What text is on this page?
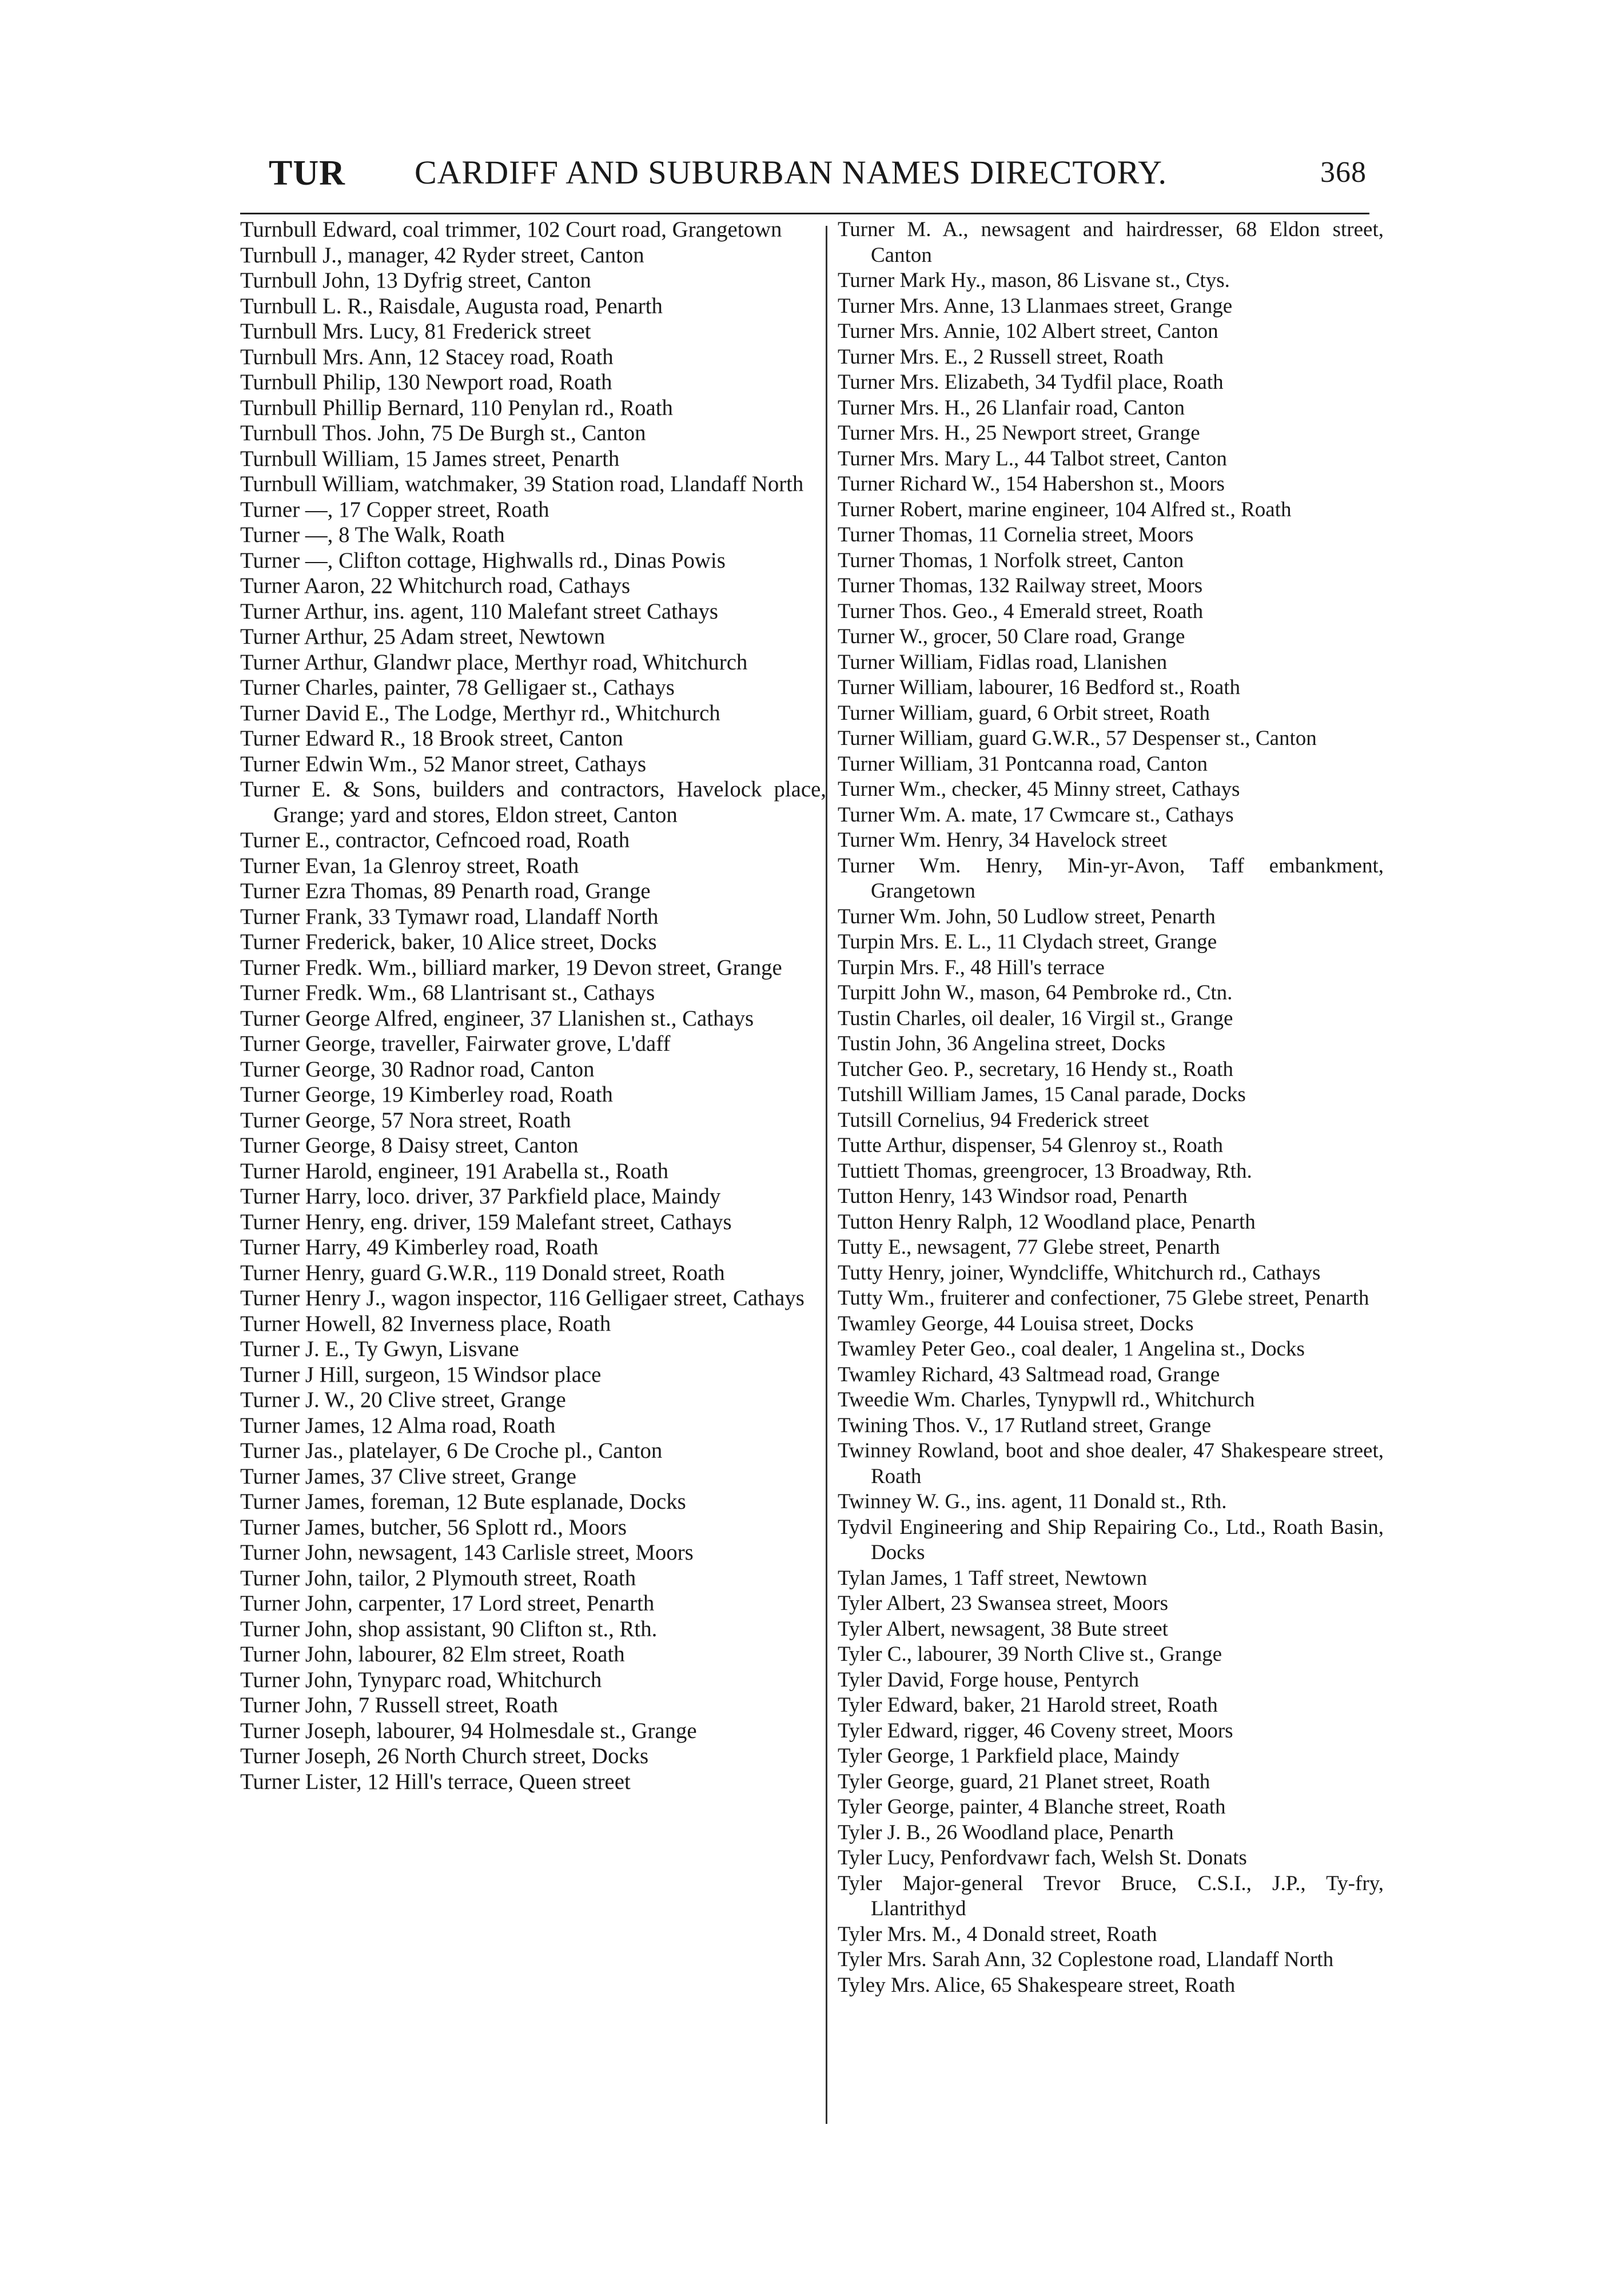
TUR CARDIFF AND SUBURBAN NAMES DIRECTORY.	368
Turnbull Edward, coal trimmer, 102 Court road, Grangetown
Turnbull J., manager, 42 Ryder street, Canton
Turnbull John, 13 Dyfrig street, Canton
Turnbull L. R., Raisdale, Augusta road, Penarth
Turnbull Mrs. Lucy, 81 Frederick street
Turnbull Mrs. Ann, 12 Stacey road, Roath
Turnbull Philip, 130 Newport road, Roath
Turnbull Phillip Bernard, 110 Penylan rd., Roath
Turnbull Thos. John, 75 De Burgh st., Canton
Turnbull William, 15 James street, Penarth
Turnbull William, watchmaker, 39 Station road, Llandaff North
Turner —, 17 Copper street, Roath
Turner —, 8 The Walk, Roath
Turner —, Clifton cottage, Highwalls rd., Dinas Powis
Turner Aaron, 22 Whitchurch road, Cathays
Turner Arthur, ins. agent, 110 Malefant street Cathays
Turner Arthur, 25 Adam street, Newtown
Turner Arthur, Glandwr place, Merthyr road, Whitchurch
Turner Charles, painter, 78 Gelligaer st., Cathays
Turner David E., The Lodge, Merthyr rd., Whitchurch
Turner Edward R., 18 Brook street, Canton
Turner Edwin Wm., 52 Manor street, Cathays
Turner E. & Sons, builders and contractors, Havelock place, Grange; yard and stores, Eldon street, Canton
Turner E., contractor, Cefncoed road, Roath
Turner Evan, 1a Glenroy street, Roath
Turner Ezra Thomas, 89 Penarth road, Grange
Turner Frank, 33 Tymawr road, Llandaff North
Turner Frederick, baker, 10 Alice street, Docks
Turner Fredk. Wm., billiard marker, 19 Devon street, Grange
Turner Fredk. Wm., 68 Llantrisant st., Cathays
Turner George Alfred, engineer, 37 Llanishen st., Cathays
Turner George, traveller, Fairwater grove, L'daff
Turner George, 30 Radnor road, Canton
Turner George, 19 Kimberley road, Roath
Turner George, 57 Nora street, Roath
Turner George, 8 Daisy street, Canton
Turner Harold, engineer, 191 Arabella st., Roath
Turner Harry, loco. driver, 37 Parkfield place, Maindy
Turner Henry, eng. driver, 159 Malefant street, Cathays
Turner Harry, 49 Kimberley road, Roath
Turner Henry, guard G.W.R., 119 Donald street, Roath
Turner Henry J., wagon inspector, 116 Gelligaer street, Cathays
Turner Howell, 82 Inverness place, Roath
Turner J. E., Ty Gwyn, Lisvane
Turner J Hill, surgeon, 15 Windsor place
Turner J. W., 20 Clive street, Grange
Turner James, 12 Alma road, Roath
Turner Jas., platelayer, 6 De Croche pl., Canton
Turner James, 37 Clive street, Grange
Turner James, foreman, 12 Bute esplanade, Docks
Turner James, butcher, 56 Splott rd., Moors
Turner John, newsagent, 143 Carlisle street, Moors
Turner John, tailor, 2 Plymouth street, Roath
Turner John, carpenter, 17 Lord street, Penarth
Turner John, shop assistant, 90 Clifton st., Rth.
Turner John, labourer, 82 Elm street, Roath
Turner John, Tynyparc road, Whitchurch
Turner John, 7 Russell street, Roath
Turner Joseph, labourer, 94 Holmesdale st., Grange
Turner Joseph, 26 North Church street, Docks
Turner Lister, 12 Hill's terrace, Queen street
Turner M. A., newsagent and hairdresser, 68 Eldon street, Canton
Turner Mark Hy., mason, 86 Lisvane st., Ctys.
Turner Mrs. Anne, 13 Llanmaes street, Grange
Turner Mrs. Annie, 102 Albert street, Canton
Turner Mrs. E., 2 Russell street, Roath
Turner Mrs. Elizabeth, 34 Tydfil place, Roath
Turner Mrs. H., 26 Llanfair road, Canton
Turner Mrs. H., 25 Newport street, Grange
Turner Mrs. Mary L., 44 Talbot street, Canton
Turner Richard W., 154 Habershon st., Moors
Turner Robert, marine engineer, 104 Alfred st., Roath
Turner Thomas, 11 Cornelia street, Moors
Turner Thomas, 1 Norfolk street, Canton
Turner Thomas, 132 Railway street, Moors
Turner Thos. Geo., 4 Emerald street, Roath
Turner W., grocer, 50 Clare road, Grange
Turner William, Fidlas road, Llanishen
Turner William, labourer, 16 Bedford st., Roath
Turner William, guard, 6 Orbit street, Roath
Turner William, guard G.W.R., 57 Despenser st., Canton
Turner William, 31 Pontcanna road, Canton
Turner Wm., checker, 45 Minny street, Cathays
Turner Wm. A. mate, 17 Cwmcare st., Cathays
Turner Wm. Henry, 34 Havelock street
Turner Wm. Henry, Min-yr-Avon, Taff embankment, Grangetown
Turner Wm. John, 50 Ludlow street, Penarth
Turpin Mrs. E. L., 11 Clydach street, Grange
Turpin Mrs. F., 48 Hill's terrace
Turpitt John W., mason, 64 Pembroke rd., Ctn.
Tustin Charles, oil dealer, 16 Virgil st., Grange
Tustin John, 36 Angelina street, Docks
Tutcher Geo. P., secretary, 16 Hendy st., Roath
Tutshill William James, 15 Canal parade, Docks
Tutsill Cornelius, 94 Frederick street
Tutte Arthur, dispenser, 54 Glenroy st., Roath
Tuttiett Thomas, greengrocer, 13 Broadway, Rth.
Tutton Henry, 143 Windsor road, Penarth
Tutton Henry Ralph, 12 Woodland place, Penarth
Tutty E., newsagent, 77 Glebe street, Penarth
Tutty Henry, joiner, Wyndcliffe, Whitchurch rd., Cathays
Tutty Wm., fruiterer and confectioner, 75 Glebe street, Penarth
Twamley George, 44 Louisa street, Docks
Twamley Peter Geo., coal dealer, 1 Angelina st., Docks
Twamley Richard, 43 Saltmead road, Grange
Tweedie Wm. Charles, Tynypwll rd., Whitchurch
Twining Thos. V., 17 Rutland street, Grange
Twinney Rowland, boot and shoe dealer, 47 Shakespeare street, Roath
Twinney W. G., ins. agent, 11 Donald st., Rth.
Tydvil Engineering and Ship Repairing Co., Ltd., Roath Basin, Docks
Tylan James, 1 Taff street, Newtown
Tyler Albert, 23 Swansea street, Moors
Tyler Albert, newsagent, 38 Bute street
Tyler C., labourer, 39 North Clive st., Grange
Tyler David, Forge house, Pentyrch
Tyler Edward, baker, 21 Harold street, Roath
Tyler Edward, rigger, 46 Coveny street, Moors
Tyler George, 1 Parkfield place, Maindy
Tyler George, guard, 21 Planet street, Roath
Tyler George, painter, 4 Blanche street, Roath
Tyler J. B., 26 Woodland place, Penarth
Tyler Lucy, Penfordvawr fach, Welsh St. Donats
Tyler Major-general Trevor Bruce, C.S.I., J.P., Ty-fry, Llantrithyd
Tyler Mrs. M., 4 Donald street, Roath
Tyler Mrs. Sarah Ann, 32 Coplestone road, Llandaff North
Tyley Mrs. Alice, 65 Shakespeare street, Roath
